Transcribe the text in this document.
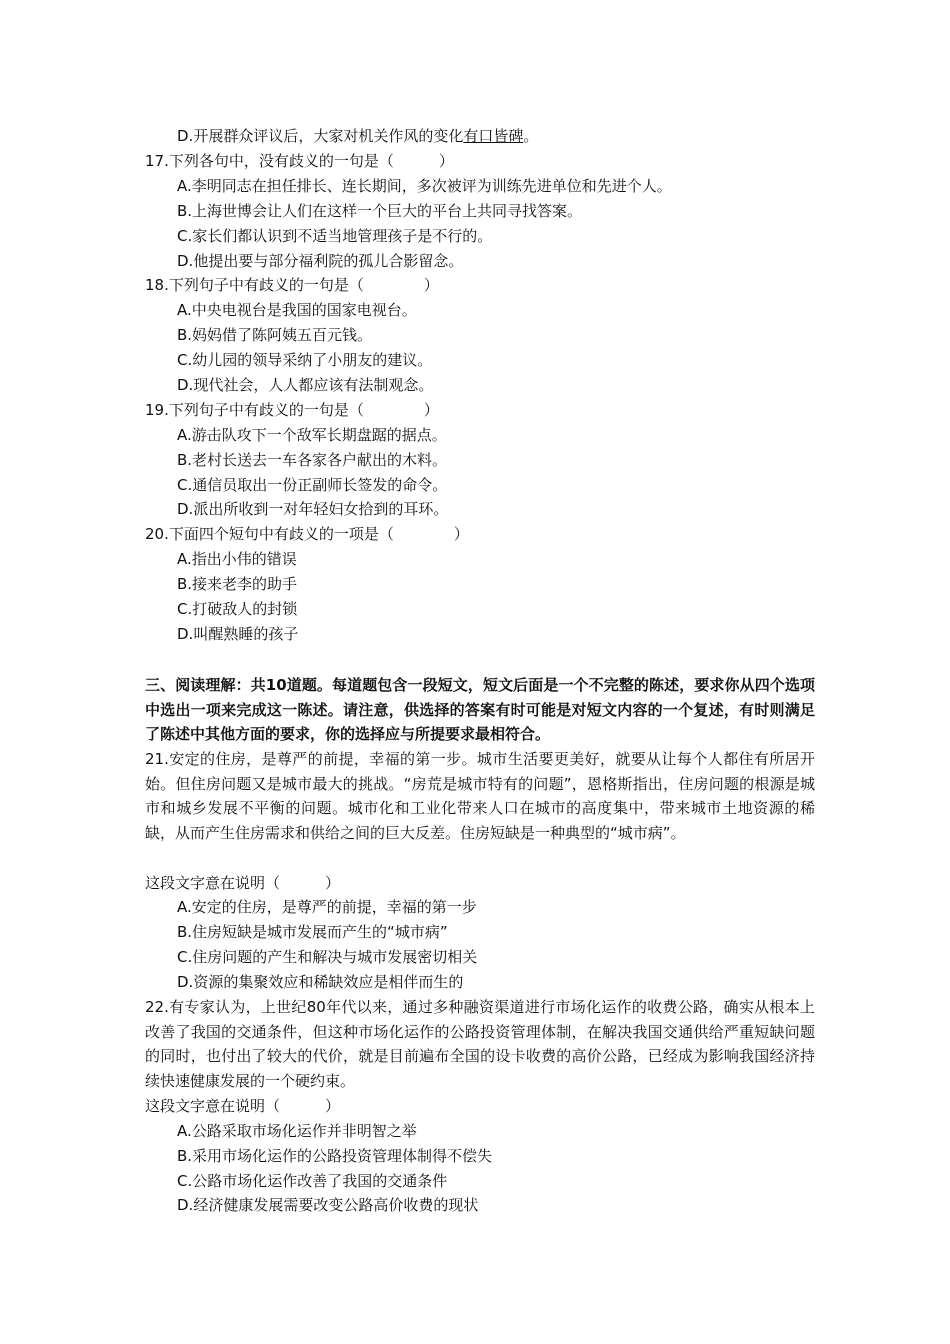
D.开展群众评议后，大家对机关作风的变化有口皆碑。
17.下列各句中，没有歧义的一句是（　　　）
A.李明同志在担任排长、连长期间，多次被评为训练先进单位和先进个人。
B.上海世博会让人们在这样一个巨大的平台上共同寻找答案。
C.家长们都认识到不适当地管理孩子是不行的。
D.他提出要与部分福利院的孤儿合影留念。
18.下列句子中有歧义的一句是（　　　　）
A.中央电视台是我国的国家电视台。
B.妈妈借了陈阿姨五百元钱。
C.幼儿园的领导采纳了小朋友的建议。
D.现代社会，人人都应该有法制观念。
19.下列句子中有歧义的一句是（　　　　）
A.游击队攻下一个敌军长期盘踞的据点。
B.老村长送去一车各家各户献出的木料。
C.通信员取出一份正副师长签发的命令。
D.派出所收到一对年轻妇女拾到的耳环。
20.下面四个短句中有歧义的一项是（　　　　）
A.指出小伟的错误
B.接来老李的助手
C.打破敌人的封锁
D.叫醒熟睡的孩子
三、阅读理解：共10道题。每道题包含一段短文，短文后面是一个不完整的陈述，要求你从四个选项中选出一项来完成这一陈述。请注意，供选择的答案有时可能是对短文内容的一个复述，有时则满足了陈述中其他方面的要求，你的选择应与所提要求最相符合。
21.安定的住房，是尊严的前提，幸福的第一步。城市生活要更美好，就要从让每个人都住有所居开始。但住房问题又是城市最大的挑战。“房荒是城市特有的问题”，恩格斯指出，住房问题的根源是城市和城乡发展不平衡的问题。城市化和工业化带来人口在城市的高度集中，带来城市土地资源的稀缺，从而产生住房需求和供给之间的巨大反差。住房短缺是一种典型的“城市病”。
这段文字意在说明（　　　）
A.安定的住房，是尊严的前提，幸福的第一步
B.住房短缺是城市发展而产生的“城市病”
C.住房问题的产生和解决与城市发展密切相关
D.资源的集聚效应和稀缺效应是相伴而生的
22.有专家认为，上世纪80年代以来，通过多种融资渠道进行市场化运作的收费公路，确实从根本上改善了我国的交通条件，但这种市场化运作的公路投资管理体制，在解决我国交通供给严重短缺问题的同时，也付出了较大的代价，就是目前遍布全国的设卡收费的高价公路，已经成为影响我国经济持续快速健康发展的一个硬约束。
这段文字意在说明（　　　）
A.公路采取市场化运作并非明智之举
B.采用市场化运作的公路投资管理体制得不偿失
C.公路市场化运作改善了我国的交通条件
D.经济健康发展需要改变公路高价收费的现状
